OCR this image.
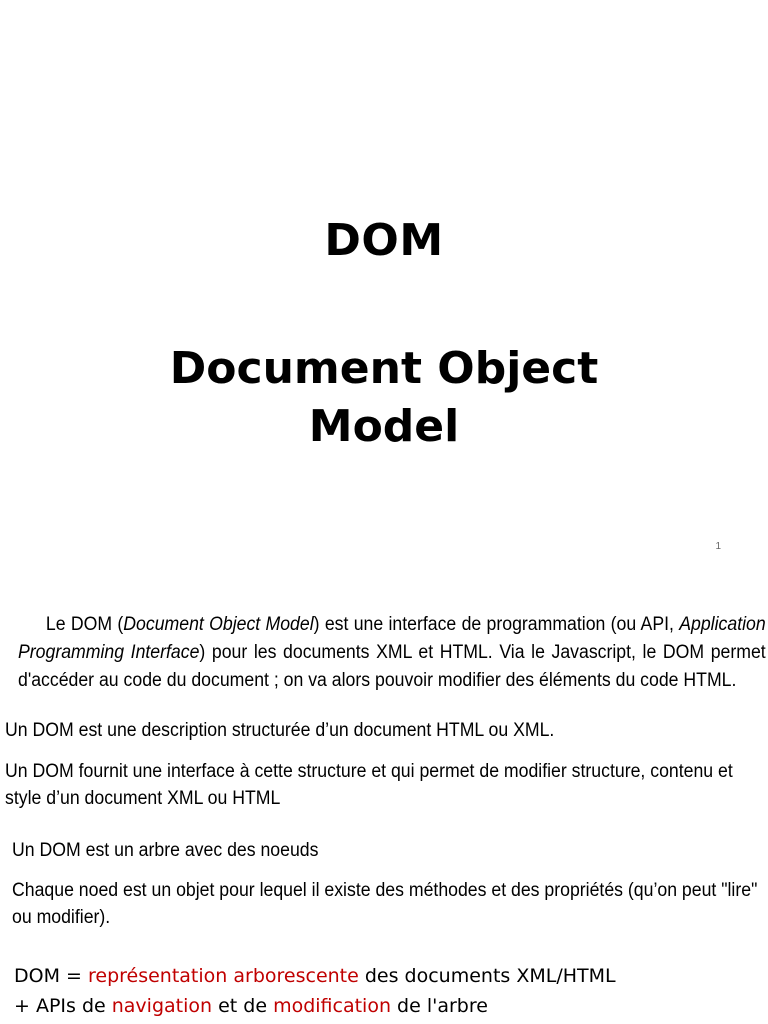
DOM
Document Object
Model
1
Le DOM (Document Object Model) est une interface de programmation (ou API, Application Programming Interface) pour les documents XML et HTML. Via le Javascript, le DOM permet d'accéder au code du document ; on va alors pouvoir modifier des éléments du code HTML.
Un DOM est une description structurée d’un document HTML ou XML.
Un DOM fournit une interface à cette structure et qui permet de modifier structure, contenu et style d’un document XML ou HTML
Un DOM est un arbre avec des noeuds
Chaque noed est un objet pour lequel il existe des méthodes et des propriétés (qu’on peut "lire" ou modifier).
DOM = représentation arborescente des documents XML/HTML
+ APIs de navigation et de modification de l'arbre
